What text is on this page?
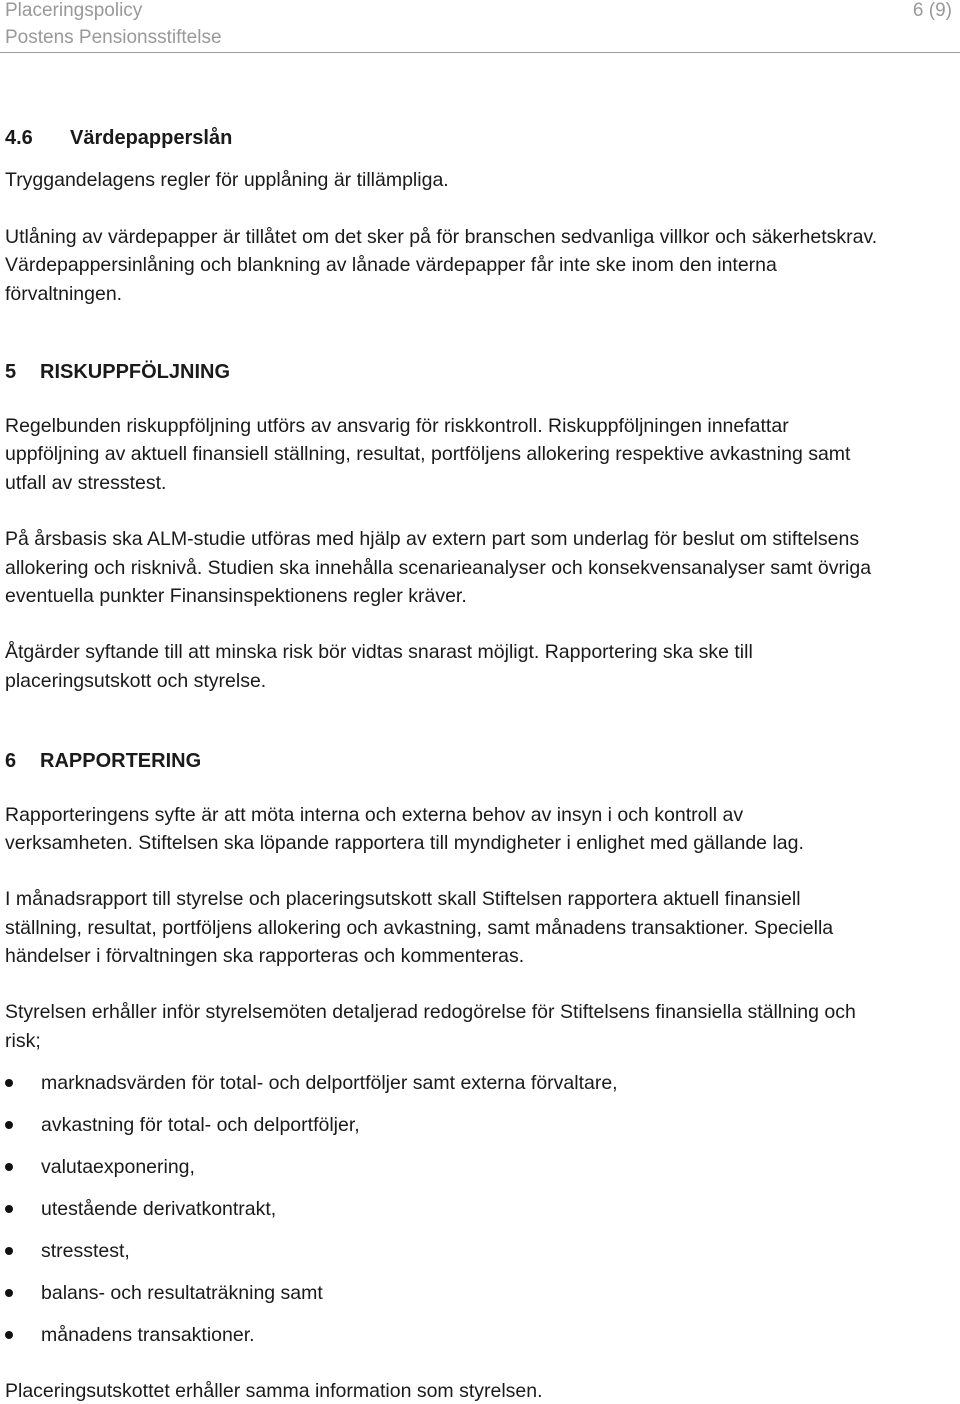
Placeringspolicy	6 (9)
Postens Pensionsstiftelse
4.6 Värdepapperslån
Tryggandelagens regler för upplåning är tillämpliga.
Utlåning av värdepapper är tillåtet om det sker på för branschen sedvanliga villkor och säkerhetskrav.
Värdepappersinlåning och blankning av lånade värdepapper får inte ske inom den interna
förvaltningen.
5 RISKUPPFÖLJNING
Regelbunden riskuppföljning utförs av ansvarig för riskkontroll. Riskuppföljningen innefattar
uppföljning av aktuell finansiell ställning, resultat, portföljens allokering respektive avkastning samt
utfall av stresstest.
På årsbasis ska ALM-studie utföras med hjälp av extern part som underlag för beslut om stiftelsens
allokering och risknivå. Studien ska innehålla scenarieanalyser och konsekvensanalyser samt övriga
eventuella punkter Finansinspektionens regler kräver.
Åtgärder syftande till att minska risk bör vidtas snarast möjligt. Rapportering ska ske till
placeringsutskott och styrelse.
6 RAPPORTERING
Rapporteringens syfte är att möta interna och externa behov av insyn i och kontroll av
verksamheten. Stiftelsen ska löpande rapportera till myndigheter i enlighet med gällande lag.
I månadsrapport till styrelse och placeringsutskott skall Stiftelsen rapportera aktuell finansiell
ställning, resultat, portföljens allokering och avkastning, samt månadens transaktioner. Speciella
händelser i förvaltningen ska rapporteras och kommenteras.
Styrelsen erhåller inför styrelsemöten detaljerad redogörelse för Stiftelsens finansiella ställning och
risk;
marknadsvärden för total- och delportföljer samt externa förvaltare,
avkastning för total- och delportföljer,
valutaexponering,
utestående derivatkontrakt,
stresstest,
balans- och resultaträkning samt
månadens transaktioner.
Placeringsutskottet erhåller samma information som styrelsen.
